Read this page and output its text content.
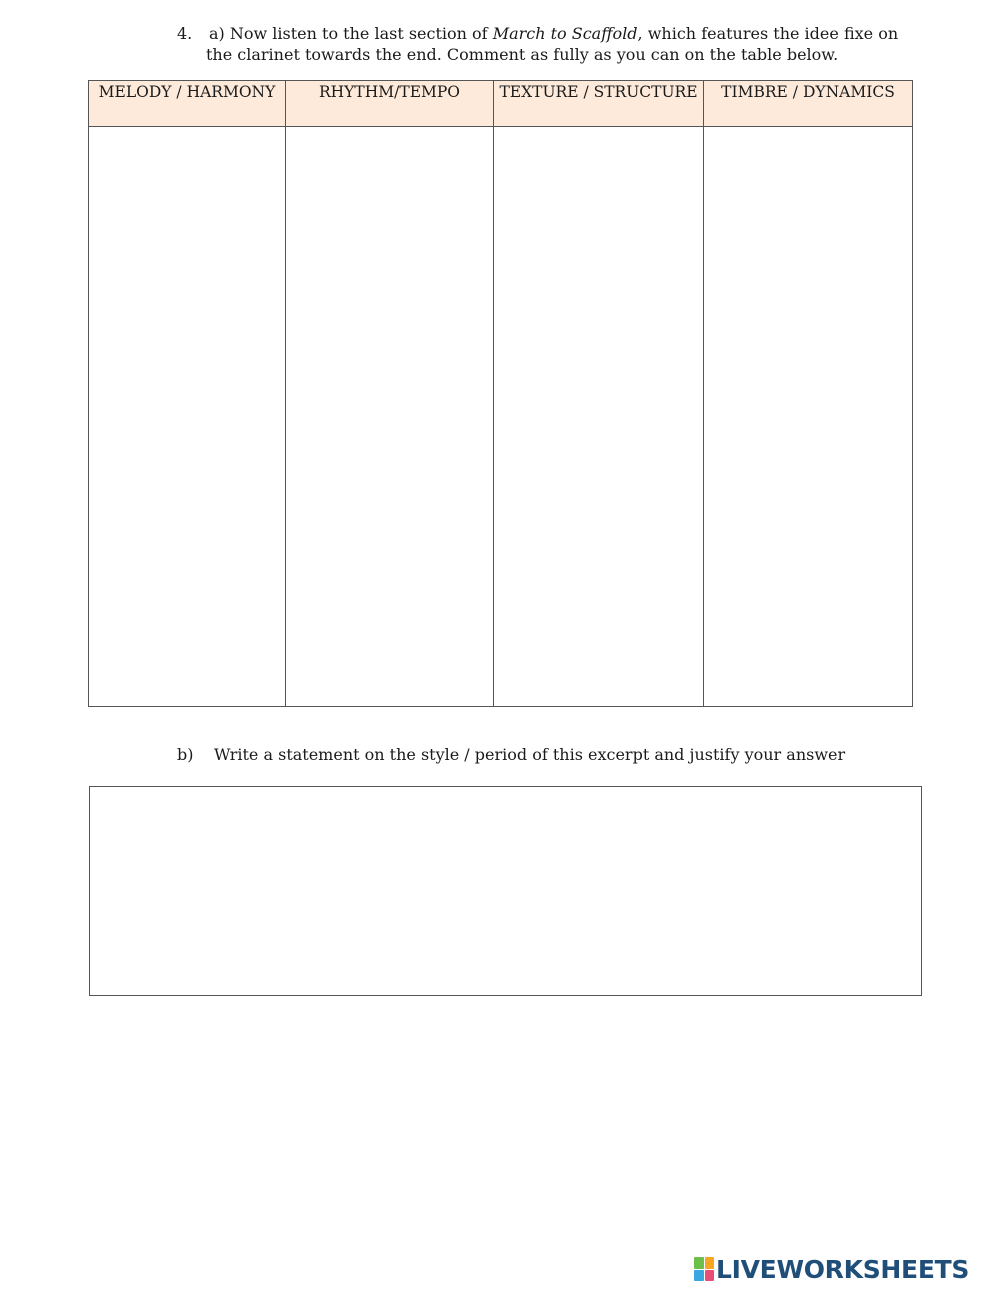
4. a) Now listen to the last section of March to Scaffold, which features the idee fixe on
the clarinet towards the end. Comment as fully as you can on the table below.
MELODY / HARMONY	RHYTHM/TEMPO	TEXTURE / STRUCTURE	TIMBRE / DYNAMICS

b) Write a statement on the style / period of this excerpt and justify your answer
LIVEWORKSHEETS
